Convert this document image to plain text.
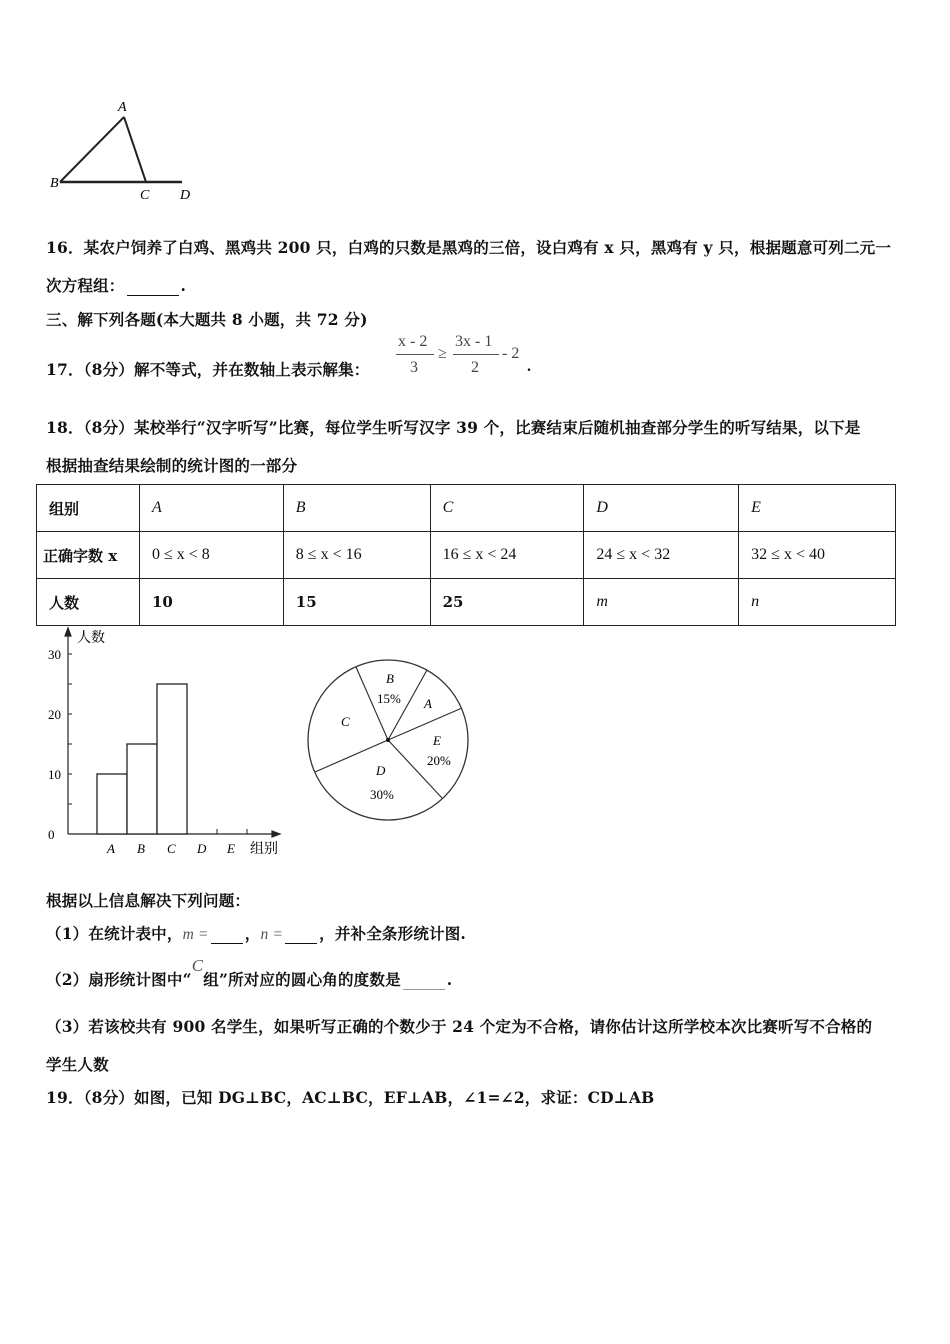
A
B
C D
16．某农户饲养了白鸡、黑鸡共 200 只，白鸡的只数是黑鸡的三倍，设白鸡有 x 只，黑鸡有 y 只，根据题意可列二元一
次方程组：	.
三、解下列各题(本大题共 8 小题，共 72 分)
17．（8分）解不等式，并在数轴上表示解集：
x - 2
3
≥
3x - 1
2
- 2
.
18．（8分）某校举行“汉字听写”比赛，每位学生听写汉字 39 个，比赛结束后随机抽查部分学生的听写结果，以下是
根据抽查结果绘制的统计图的一部分
组别	A	B	C	D	E
正确字数 x	0 ≤ x < 8	8 ≤ x < 16	16 ≤ x < 24	24 ≤ x < 32	32 ≤ x < 40
人数	10	15	25	m	n
人数
组别
0
10
20
30
A B C D E
B
15% A
C
E
20%
D
30%
根据以上信息解决下列问题：
（1）在统计表中，m = ，n = ，并补全条形统计图.
（2）扇形统计图中“C组”所对应的圆心角的度数是	.
（3）若该校共有 900 名学生，如果听写正确的个数少于 24 个定为不合格，请你估计这所学校本次比赛听写不合格的
学生人数
19．（8分）如图，已知 DG⊥BC，AC⊥BC，EF⊥AB，∠1=∠2，求证：CD⊥AB
